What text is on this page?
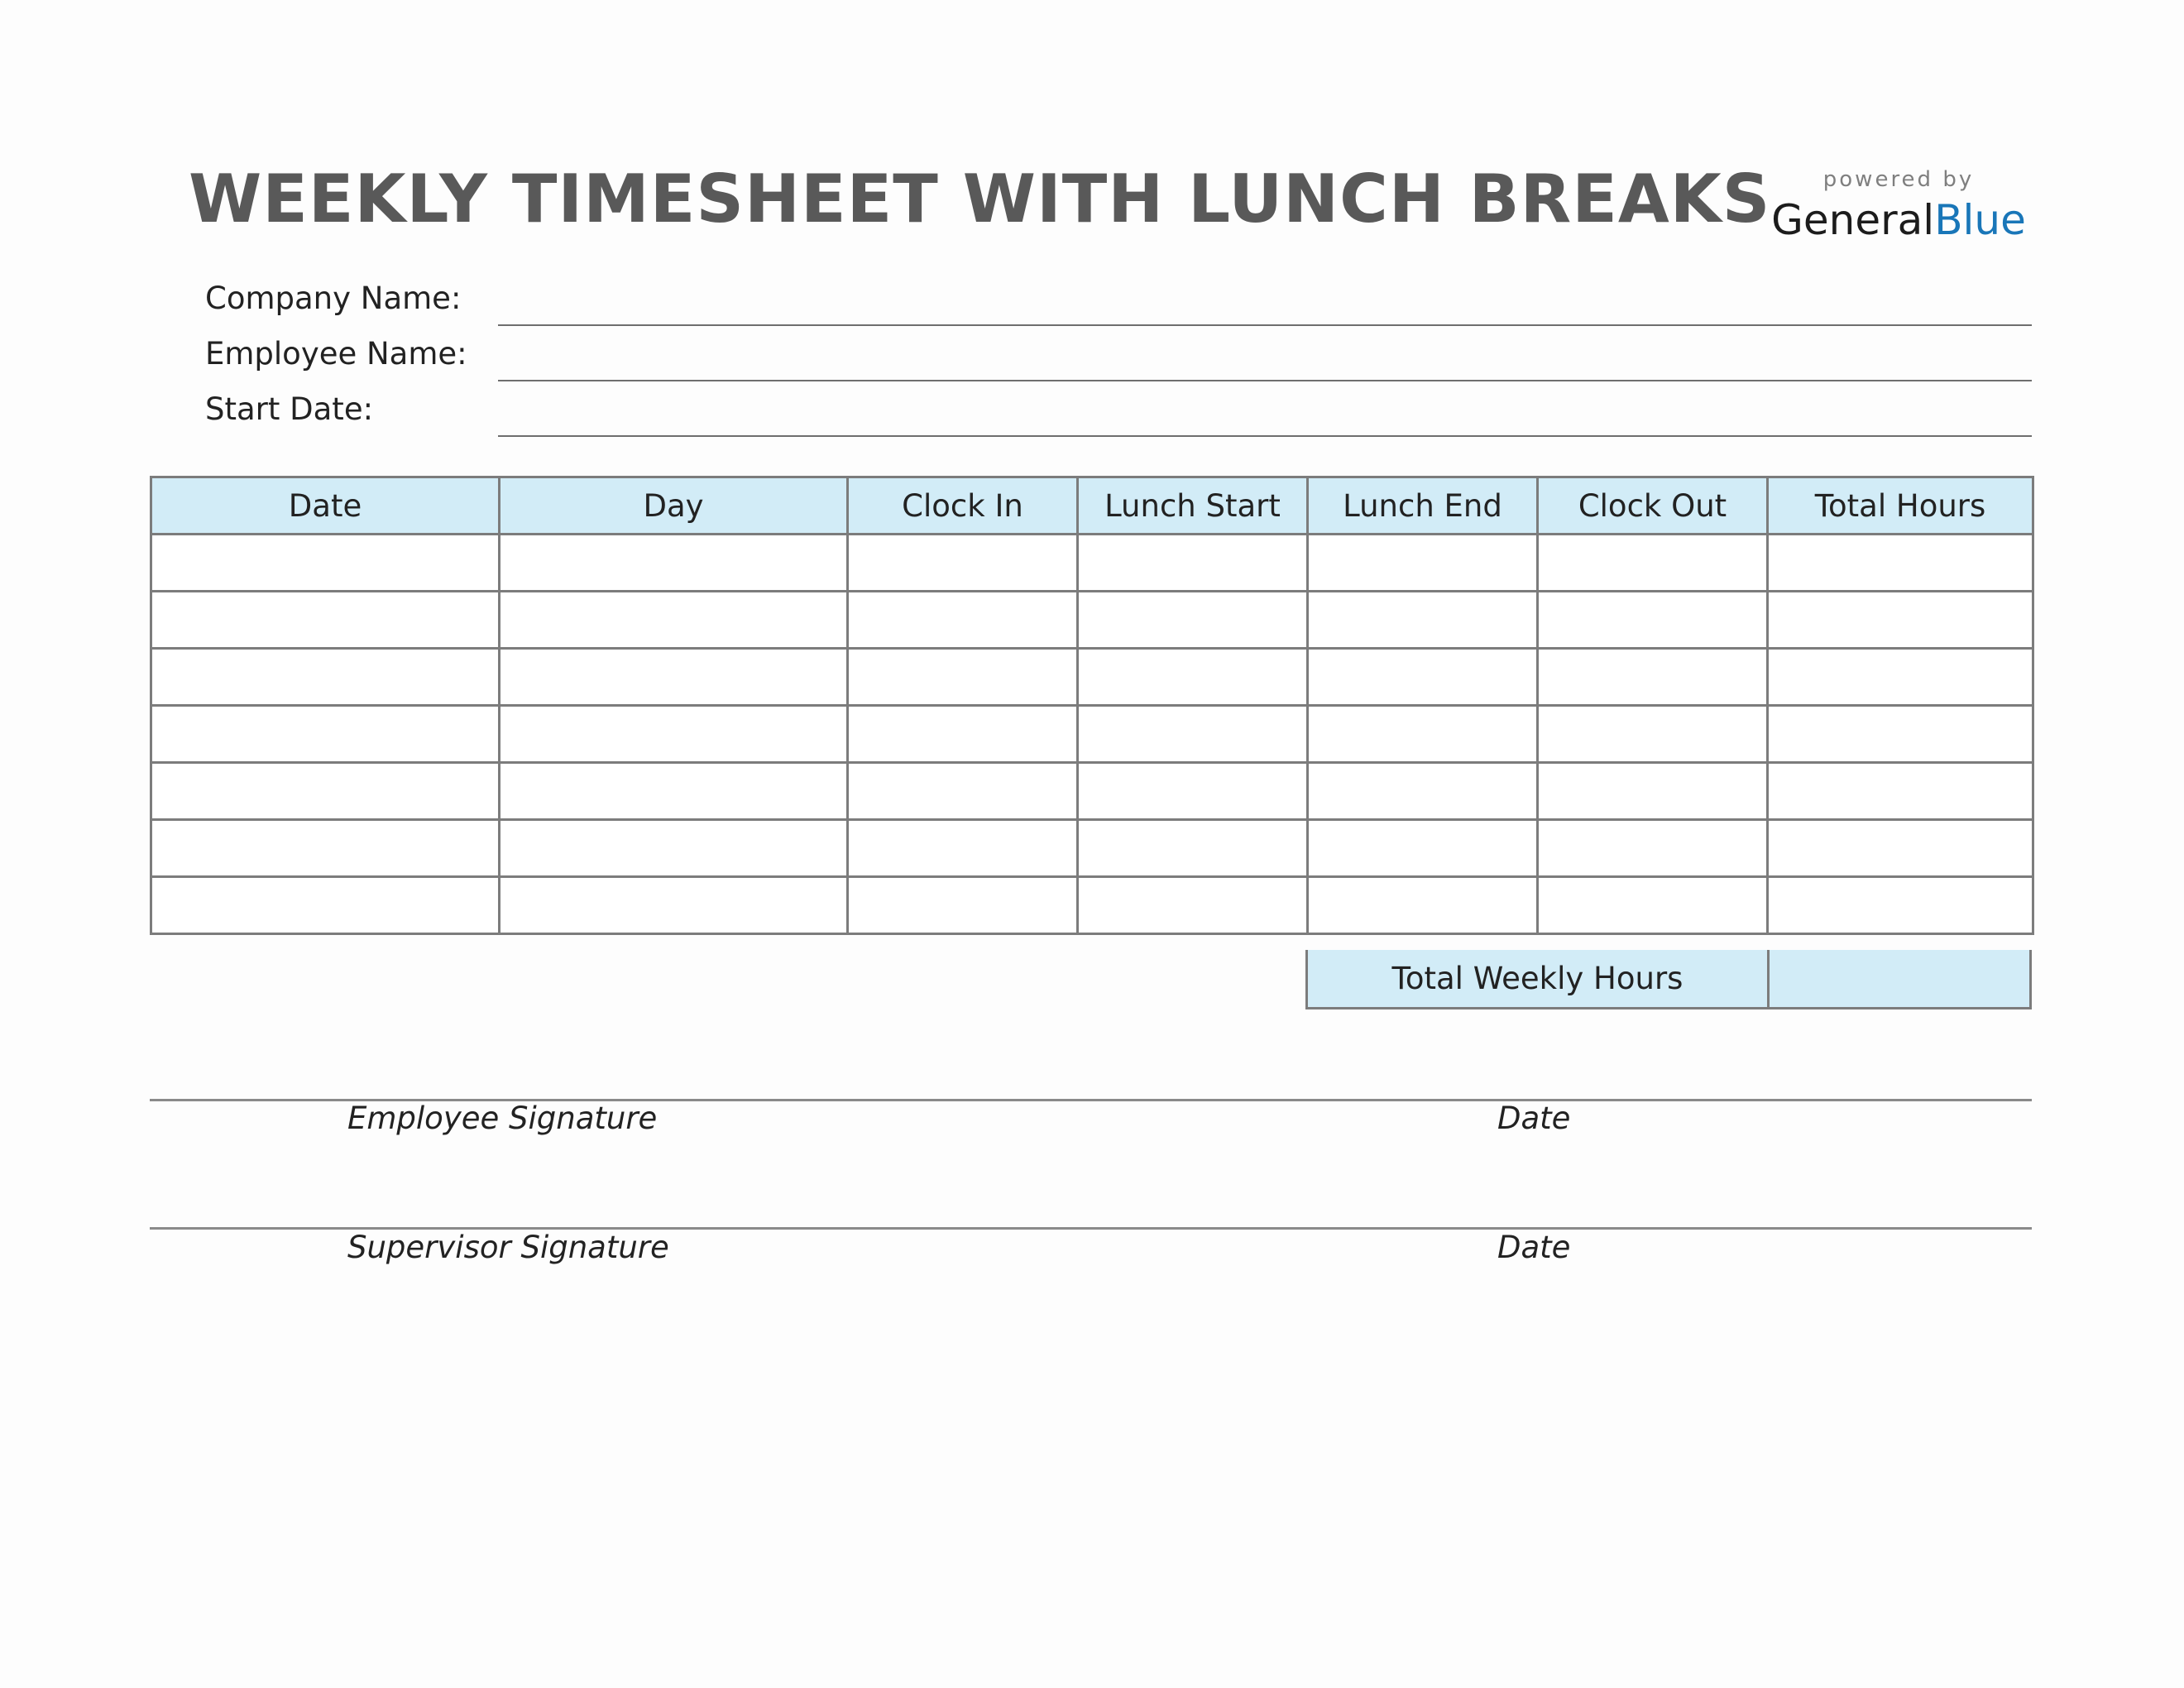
WEEKLY TIMESHEET WITH LUNCH BREAKS	powered by
GeneralBlue
Company Name:
Employee Name:
Start Date:
Date	Day	Clock In	Lunch Start	Lunch End	Clock Out	Total Hours

Total Weekly Hours
Employee Signature	Date
Supervisor Signature	Date
